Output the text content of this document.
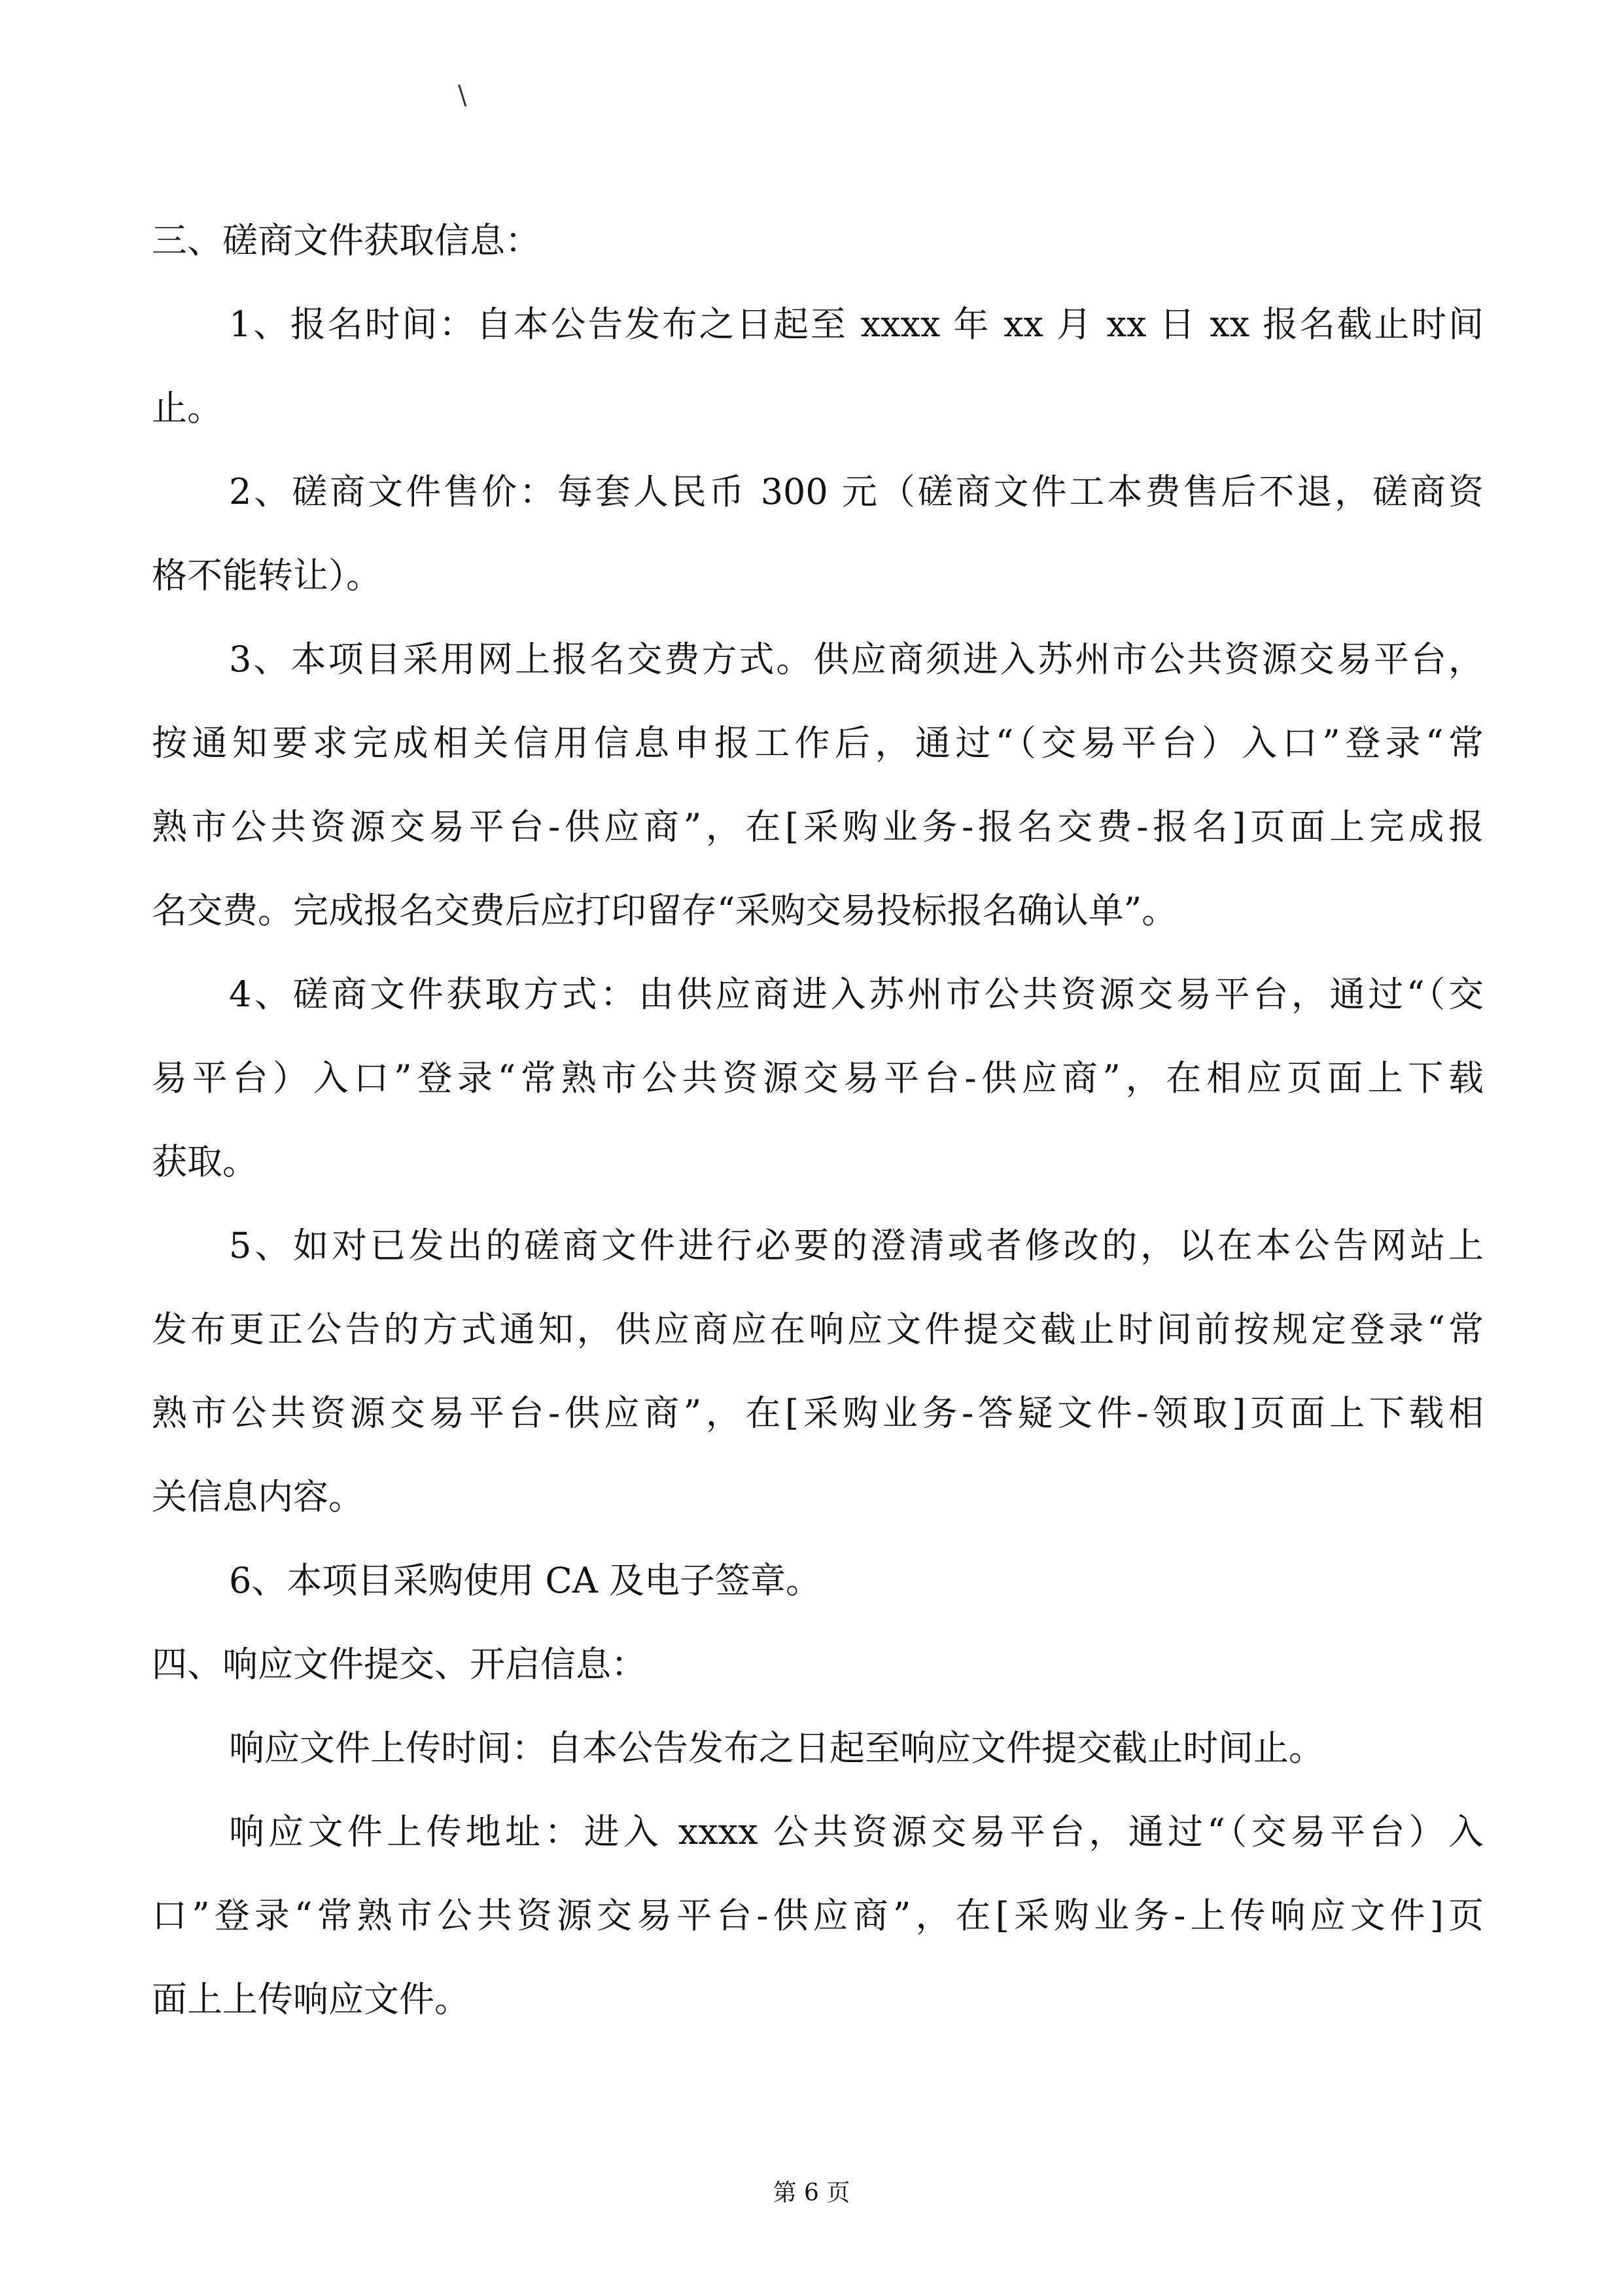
\
三、磋商文件获取信息：
1、报名时间：自本公告发布之日起至 xxxx 年 xx 月 xx 日 xx 报名截止时间
止。
2、磋商文件售价：每套人民币 300 元（磋商文件工本费售后不退，磋商资
格不能转让）。
3、本项目采用网上报名交费方式。供应商须进入苏州市公共资源交易平台，
按通知要求完成相关信用信息申报工作后，通过“（交易平台）入口”登录“常
熟市公共资源交易平台-供应商”，在[采购业务-报名交费-报名]页面上完成报
名交费。完成报名交费后应打印留存“采购交易投标报名确认单”。
4、磋商文件获取方式：由供应商进入苏州市公共资源交易平台，通过“（交
易平台）入口”登录“常熟市公共资源交易平台-供应商”，在相应页面上下载
获取。
5、如对已发出的磋商文件进行必要的澄清或者修改的，以在本公告网站上
发布更正公告的方式通知，供应商应在响应文件提交截止时间前按规定登录“常
熟市公共资源交易平台-供应商”，在[采购业务-答疑文件-领取]页面上下载相
关信息内容。
6、本项目采购使用 CA 及电子签章。
四、响应文件提交、开启信息：
响应文件上传时间：自本公告发布之日起至响应文件提交截止时间止。
响应文件上传地址：进入 xxxx 公共资源交易平台，通过“（交易平台）入
口”登录“常熟市公共资源交易平台-供应商”，在[采购业务-上传响应文件]页
面上上传响应文件。
第 6 页
